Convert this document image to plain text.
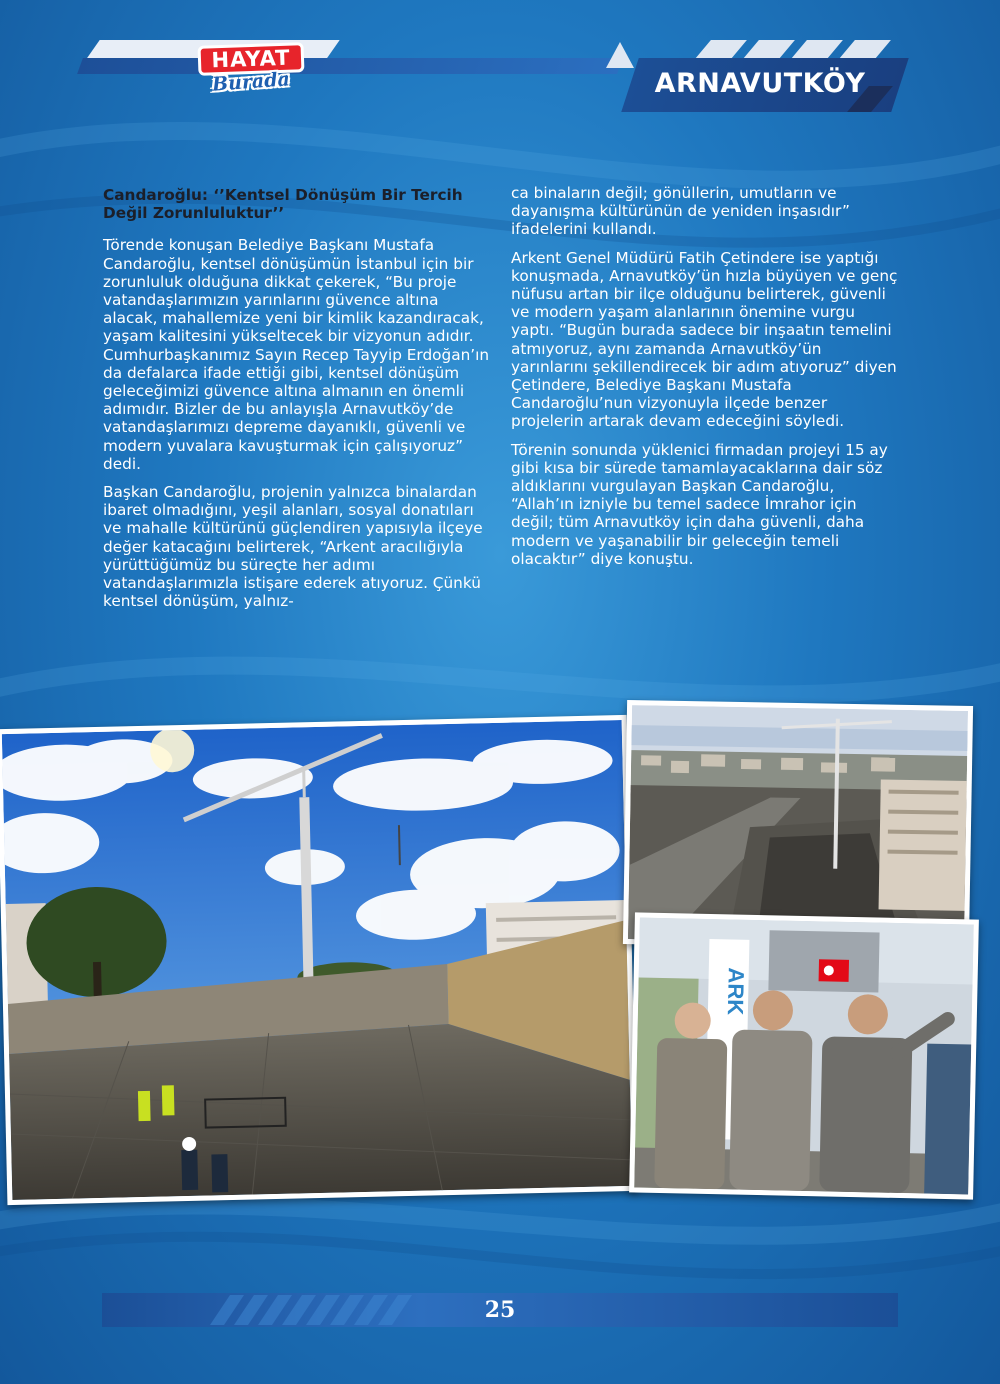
HAYAT
Burada	ARNAVUTKÖY
Candaroğlu: ‘’Kentsel Dönüşüm Bir Tercih Değil Zorunluluktur’’

Törende konuşan Belediye Başkanı Mustafa Candaroğlu, kentsel dönüşümün İstanbul için bir zorunluluk olduğuna dikkat çekerek, “Bu proje vatandaşlarımızın yarınlarını güvence altına alacak, mahallemize yeni bir kimlik kazandıracak, yaşam kalitesini yükseltecek bir vizyonun adıdır. Cumhurbaşkanımız Sayın Recep Tayyip Erdoğan’ın da defalarca ifade ettiği gibi, kentsel dönüşüm geleceğimizi güvence altına almanın en önemli adımıdır. Bizler de bu anlayışla Arnavutköy’de vatandaşlarımızı depreme dayanıklı, güvenli ve modern yuvalara kavuşturmak için çalışıyoruz” dedi.

Başkan Candaroğlu, projenin yalnızca binalardan ibaret olmadığını, yeşil alanları, sosyal donatıları ve mahalle kültürünü güçlendiren yapısıyla ilçeye değer katacağını belirterek, “Arkent aracılığıyla yürüttüğümüz bu süreçte her adımı vatandaşlarımızla istişare ederek atıyoruz. Çünkü kentsel dönüşüm, yalnız-

ca binaların değil; gönüllerin, umutların ve dayanışma kültürünün de yeniden inşasıdır” ifadelerini kullandı.

Arkent Genel Müdürü Fatih Çetindere ise yaptığı konuşmada, Arnavutköy’ün hızla büyüyen ve genç nüfusu artan bir ilçe olduğunu belirterek, güvenli ve modern yaşam alanlarının önemine vurgu yaptı. “Bugün burada sadece bir inşaatın temelini atmıyoruz, aynı zamanda Arnavutköy’ün yarınlarını şekillendirecek bir adım atıyoruz” diyen Çetindere, Belediye Başkanı Mustafa Candaroğlu’nun vizyonuyla ilçede benzer projelerin artarak devam edeceğini söyledi.

Törenin sonunda yüklenici firmadan projeyi 15 ay gibi kısa bir sürede tamamlayacaklarına dair söz aldıklarını vurgulayan Başkan Candaroğlu, “Allah’ın izniyle bu temel sadece İmrahor için değil; tüm Arnavutköy için daha güvenli, daha modern ve yaşanabilir bir geleceğin temeli olacaktır” diye konuştu.

ARK
25
